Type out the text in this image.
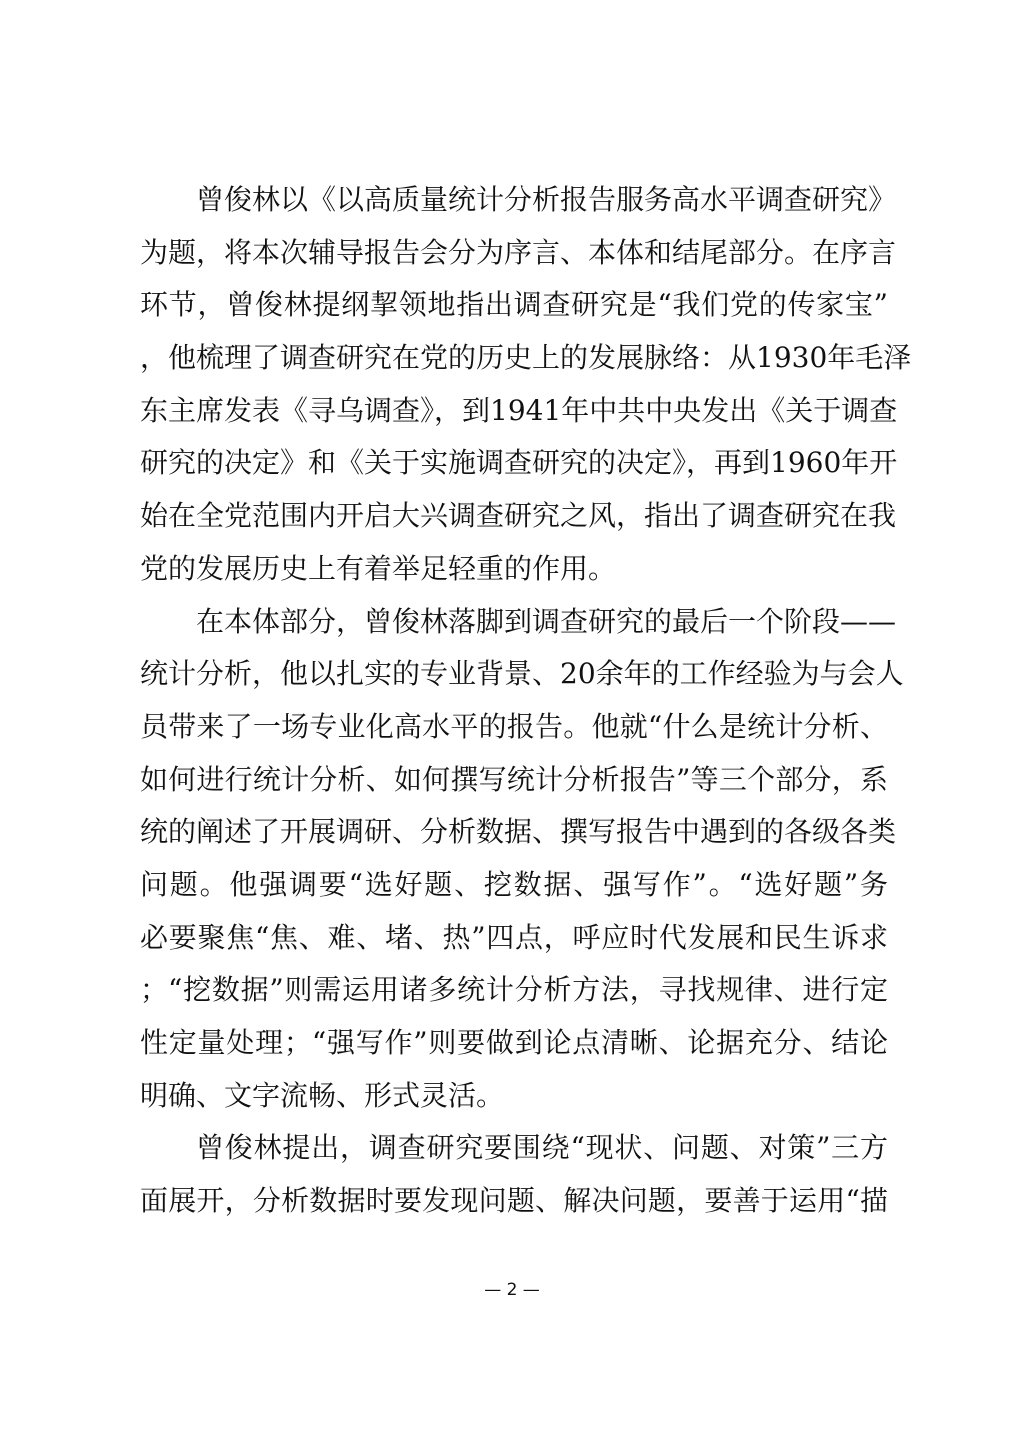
曾俊林以《以高质量统计分析报告服务高水平调查研究》
为题，将本次辅导报告会分为序言、本体和结尾部分。在序言
环节，曾俊林提纲挈领地指出调查研究是“我们党的传家宝”
，他梳理了调查研究在党的历史上的发展脉络：从1930年毛泽
东主席发表《寻乌调查》，到1941年中共中央发出《关于调查
研究的决定》和《关于实施调查研究的决定》，再到1960年开
始在全党范围内开启大兴调查研究之风，指出了调查研究在我
党的发展历史上有着举足轻重的作用。
在本体部分，曾俊林落脚到调查研究的最后一个阶段——
统计分析，他以扎实的专业背景、20余年的工作经验为与会人
员带来了一场专业化高水平的报告。他就“什么是统计分析、
如何进行统计分析、如何撰写统计分析报告”等三个部分，系
统的阐述了开展调研、分析数据、撰写报告中遇到的各级各类
问题。他强调要“选好题、挖数据、强写作”。“选好题”务
必要聚焦“焦、难、堵、热”四点，呼应时代发展和民生诉求
；“挖数据”则需运用诸多统计分析方法，寻找规律、进行定
性定量处理；“强写作”则要做到论点清晰、论据充分、结论
明确、文字流畅、形式灵活。
曾俊林提出，调查研究要围绕“现状、问题、对策”三方
面展开，分析数据时要发现问题、解决问题，要善于运用“描
— 2 —
